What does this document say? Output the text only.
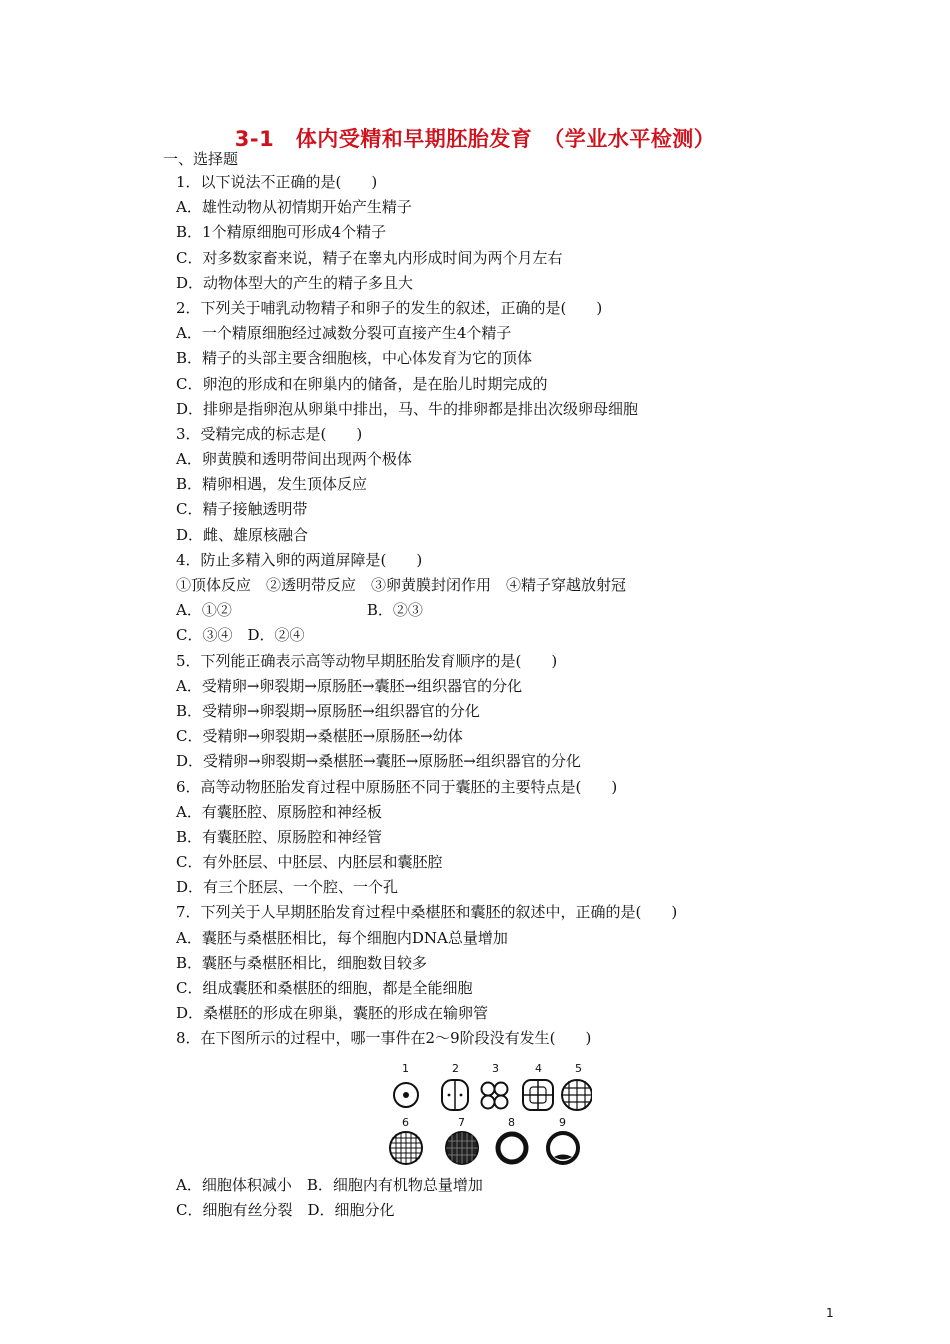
3-1　体内受精和早期胚胎发育　（学业水平检测）
一、选择题
1．以下说法不正确的是(　　)
A．雄性动物从初情期开始产生精子
B．1个精原细胞可形成4个精子
C．对多数家畜来说，精子在睾丸内形成时间为两个月左右
D．动物体型大的产生的精子多且大
2．下列关于哺乳动物精子和卵子的发生的叙述，正确的是(　　)
A．一个精原细胞经过减数分裂可直接产生4个精子
B．精子的头部主要含细胞核，中心体发育为它的顶体
C．卵泡的形成和在卵巢内的储备，是在胎儿时期完成的
D．排卵是指卵泡从卵巢中排出，马、牛的排卵都是排出次级卵母细胞
3．受精完成的标志是(　　)
A．卵黄膜和透明带间出现两个极体
B．精卵相遇，发生顶体反应
C．精子接触透明带
D．雌、雄原核融合
4．防止多精入卵的两道屏障是(　　)
①顶体反应　②透明带反应　③卵黄膜封闭作用　④精子穿越放射冠
A．①②　　　　　　　　　B．②③
C．③④　D．②④
5．下列能正确表示高等动物早期胚胎发育顺序的是(　　)
A．受精卵→卵裂期→原肠胚→囊胚→组织器官的分化
B．受精卵→卵裂期→原肠胚→组织器官的分化
C．受精卵→卵裂期→桑椹胚→原肠胚→幼体
D．受精卵→卵裂期→桑椹胚→囊胚→原肠胚→组织器官的分化
6．高等动物胚胎发育过程中原肠胚不同于囊胚的主要特点是(　　)
A．有囊胚腔、原肠腔和神经板
B．有囊胚腔、原肠腔和神经管
C．有外胚层、中胚层、内胚层和囊胚腔
D．有三个胚层、一个腔、一个孔
7．下列关于人早期胚胎发育过程中桑椹胚和囊胚的叙述中，正确的是(　　)
A．囊胚与桑椹胚相比，每个细胞内DNA总量增加
B．囊胚与桑椹胚相比，细胞数目较多
C．组成囊胚和桑椹胚的细胞，都是全能细胞
D．桑椹胚的形成在卵巢，囊胚的形成在输卵管
8．在下图所示的过程中，哪一事件在2～9阶段没有发生(　　)
1	2	3	4	5
6	7	8	9
A．细胞体积减小　B．细胞内有机物总量增加
C．细胞有丝分裂　D．细胞分化
1
